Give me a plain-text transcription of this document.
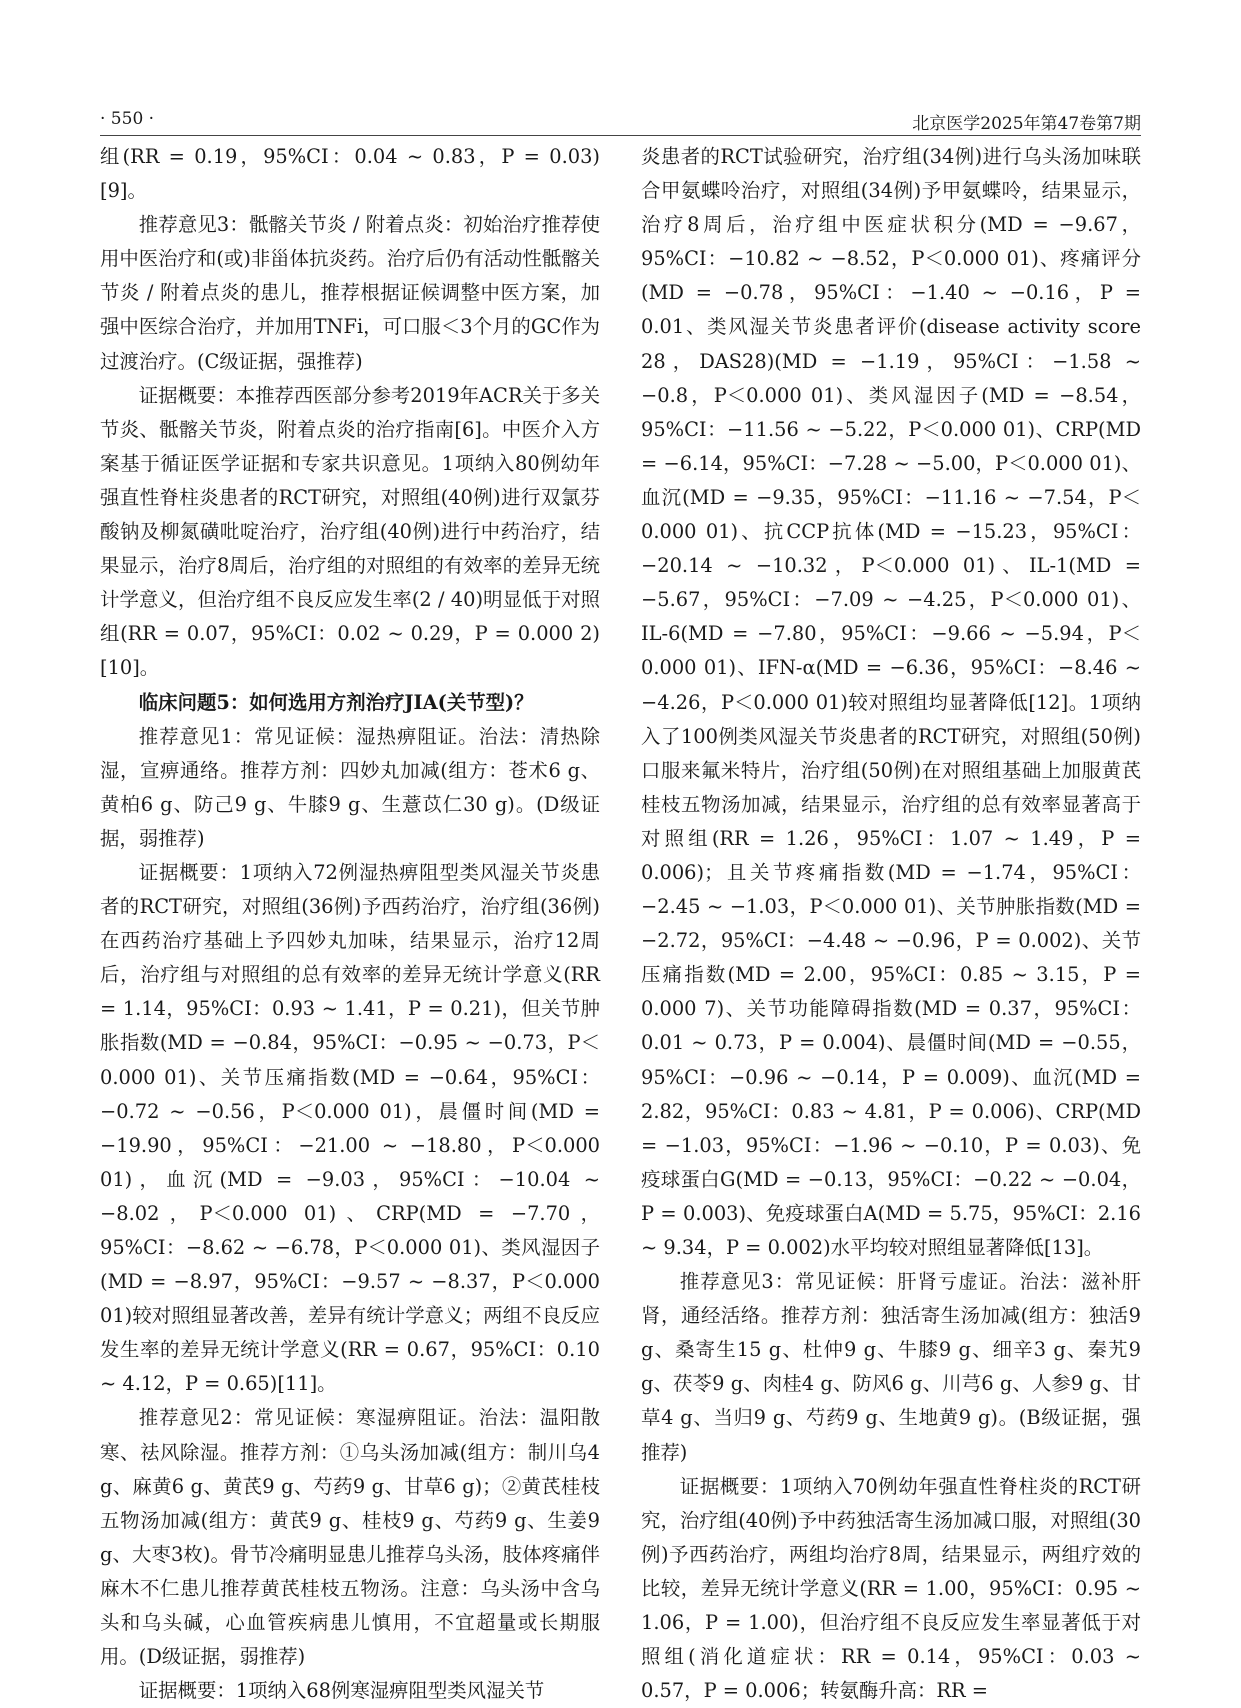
· 550 ·	北京医学2025年第47卷第7期

组(RR = 0.19，95%CI：0.04 ~ 0.83，P = 0.03)[9]。

推荐意见3：骶髂关节炎 / 附着点炎：初始治疗推荐使用中医治疗和(或)非甾体抗炎药。治疗后仍有活动性骶髂关节炎 / 附着点炎的患儿，推荐根据证候调整中医方案，加强中医综合治疗，并加用TNFi，可口服＜3个月的GC作为过渡治疗。(C级证据，强推荐)

证据概要：本推荐西医部分参考2019年ACR关于多关节炎、骶髂关节炎，附着点炎的治疗指南[6]。中医介入方案基于循证医学证据和专家共识意见。1项纳入80例幼年强直性脊柱炎患者的RCT研究，对照组(40例)进行双氯芬酸钠及柳氮磺吡啶治疗，治疗组(40例)进行中药治疗，结果显示，治疗8周后，治疗组的对照组的有效率的差异无统计学意义，但治疗组不良反应发生率(2 / 40)明显低于对照组(RR = 0.07，95%CI：0.02 ~ 0.29，P = 0.000 2)[10]。

临床问题5：如何选用方剂治疗JIA(关节型)？

推荐意见1：常见证候：湿热痹阻证。治法：清热除湿，宣痹通络。推荐方剂：四妙丸加减(组方：苍术6 g、黄柏6 g、防己9 g、牛膝9 g、生薏苡仁30 g)。(D级证据，弱推荐)

证据概要：1项纳入72例湿热痹阻型类风湿关节炎患者的RCT研究，对照组(36例)予西药治疗，治疗组(36例)在西药治疗基础上予四妙丸加味，结果显示，治疗12周后，治疗组与对照组的总有效率的差异无统计学意义(RR = 1.14，95%CI：0.93 ~ 1.41，P = 0.21)，但关节肿胀指数(MD = −0.84，95%CI：−0.95 ~ −0.73，P＜0.000 01)、关节压痛指数(MD = −0.64，95%CI：−0.72 ~ −0.56，P＜0.000 01)，晨僵时间(MD = −19.90，95%CI：−21.00 ~ −18.80，P＜0.000 01)，血沉(MD = −9.03，95%CI：−10.04 ~ −8.02，P＜0.000 01)、CRP(MD = −7.70，95%CI：−8.62 ~ −6.78，P＜0.000 01)、类风湿因子(MD = −8.97，95%CI：−9.57 ~ −8.37，P＜0.000 01)较对照组显著改善，差异有统计学意义；两组不良反应发生率的差异无统计学意义(RR = 0.67，95%CI：0.10 ~ 4.12，P = 0.65)[11]。

推荐意见2：常见证候：寒湿痹阻证。治法：温阳散寒、祛风除湿。推荐方剂：①乌头汤加减(组方：制川乌4 g、麻黄6 g、黄芪9 g、芍药9 g、甘草6 g)；②黄芪桂枝五物汤加减(组方：黄芪9 g、桂枝9 g、芍药9 g、生姜9 g、大枣3枚)。骨节冷痛明显患儿推荐乌头汤，肢体疼痛伴麻木不仁患儿推荐黄芪桂枝五物汤。注意：乌头汤中含乌头和乌头碱，心血管疾病患儿慎用，不宜超量或长期服用。(D级证据，弱推荐)

证据概要：1项纳入68例寒湿痹阻型类风湿关节

炎患者的RCT试验研究，治疗组(34例)进行乌头汤加味联合甲氨蝶呤治疗，对照组(34例)予甲氨蝶呤，结果显示，治疗8周后，治疗组中医症状积分(MD = −9.67，95%CI：−10.82 ~ −8.52，P＜0.000 01)、疼痛评分(MD = −0.78，95%CI：−1.40 ~ −0.16，P = 0.01、类风湿关节炎患者评价(disease activity score 28，DAS28)(MD = −1.19，95%CI：−1.58 ~ −0.8，P＜0.000 01)、类风湿因子(MD = −8.54，95%CI：−11.56 ~ −5.22，P＜0.000 01)、CRP(MD = −6.14，95%CI：−7.28 ~ −5.00，P＜0.000 01)、血沉(MD = −9.35，95%CI：−11.16 ~ −7.54，P＜0.000 01)、抗CCP抗体(MD = −15.23，95%CI：−20.14 ~ −10.32，P＜0.000 01)、IL-1(MD = −5.67，95%CI：−7.09 ~ −4.25，P＜0.000 01)、IL-6(MD = −7.80，95%CI：−9.66 ~ −5.94，P＜0.000 01)、IFN-α(MD = −6.36，95%CI：−8.46 ~ −4.26，P＜0.000 01)较对照组均显著降低[12]。1项纳入了100例类风湿关节炎患者的RCT研究，对照组(50例)口服来氟米特片，治疗组(50例)在对照组基础上加服黄芪桂枝五物汤加减，结果显示，治疗组的总有效率显著高于对照组(RR = 1.26，95%CI：1.07 ~ 1.49，P = 0.006)；且关节疼痛指数(MD = −1.74，95%CI：−2.45 ~ −1.03，P＜0.000 01)、关节肿胀指数(MD = −2.72，95%CI：−4.48 ~ −0.96，P = 0.002)、关节压痛指数(MD = 2.00，95%CI：0.85 ~ 3.15，P = 0.000 7)、关节功能障碍指数(MD = 0.37，95%CI：0.01 ~ 0.73，P = 0.004)、晨僵时间(MD = −0.55，95%CI：−0.96 ~ −0.14，P = 0.009)、血沉(MD = 2.82，95%CI：0.83 ~ 4.81，P = 0.006)、CRP(MD = −1.03，95%CI：−1.96 ~ −0.10，P = 0.03)、免疫球蛋白G(MD = −0.13，95%CI：−0.22 ~ −0.04，P = 0.003)、免疫球蛋白A(MD = 5.75，95%CI：2.16 ~ 9.34，P = 0.002)水平均较对照组显著降低[13]。

推荐意见3：常见证候：肝肾亏虚证。治法：滋补肝肾，通经活络。推荐方剂：独活寄生汤加减(组方：独活9 g、桑寄生15 g、杜仲9 g、牛膝9 g、细辛3 g、秦艽9 g、茯苓9 g、肉桂4 g、防风6 g、川芎6 g、人参9 g、甘草4 g、当归9 g、芍药9 g、生地黄9 g)。(B级证据，强推荐)

证据概要：1项纳入70例幼年强直性脊柱炎的RCT研究，治疗组(40例)予中药独活寄生汤加减口服，对照组(30例)予西药治疗，两组均治疗8周，结果显示，两组疗效的比较，差异无统计学意义(RR = 1.00，95%CI：0.95 ~ 1.06，P = 1.00)，但治疗组不良反应发生率显著低于对照组(消化道症状：RR = 0.14，95%CI：0.03 ~ 0.57，P = 0.006；转氨酶升高：RR =
